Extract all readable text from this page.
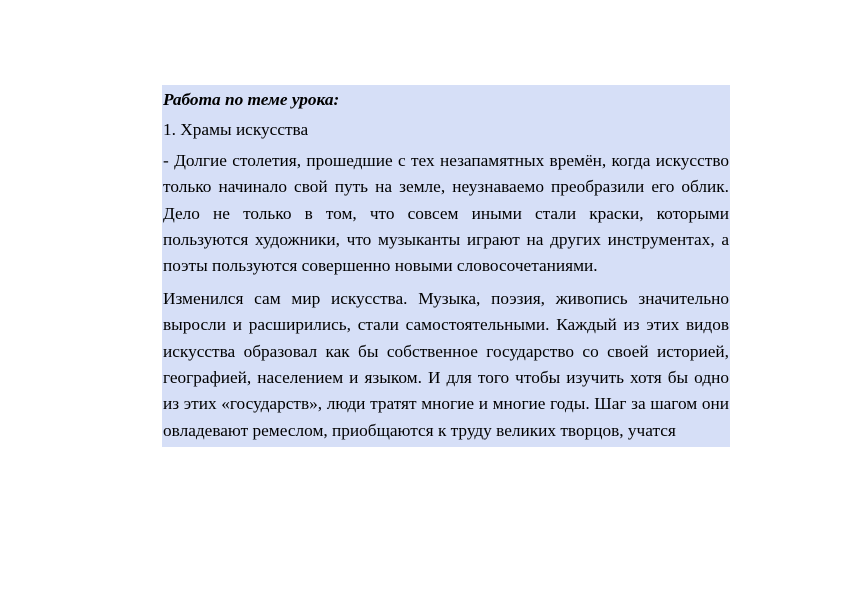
Работа по теме урока:

1. Храмы искусства

- Долгие столетия, прошедшие с тех незапамятных времён, когда искусство только начинало свой путь на земле, неузнаваемо преобразили его облик. Дело не только в том, что совсем иными стали краски, которыми пользуются художники, что музыканты играют на других инструментах, а поэты пользуются совершенно новыми словосочетаниями.

Изменился сам мир искусства. Музыка, поэзия, живопись значительно выросли и расширились, стали самостоятельными. Каждый из этих видов искусства образовал как бы собственное государство со своей историей, географией, населением и языком. И для того чтобы изучить хотя бы одно из этих «государств», люди тратят многие и многие годы. Шаг за шагом они овладевают ремеслом, приобщаются к труду великих творцов, учатся
